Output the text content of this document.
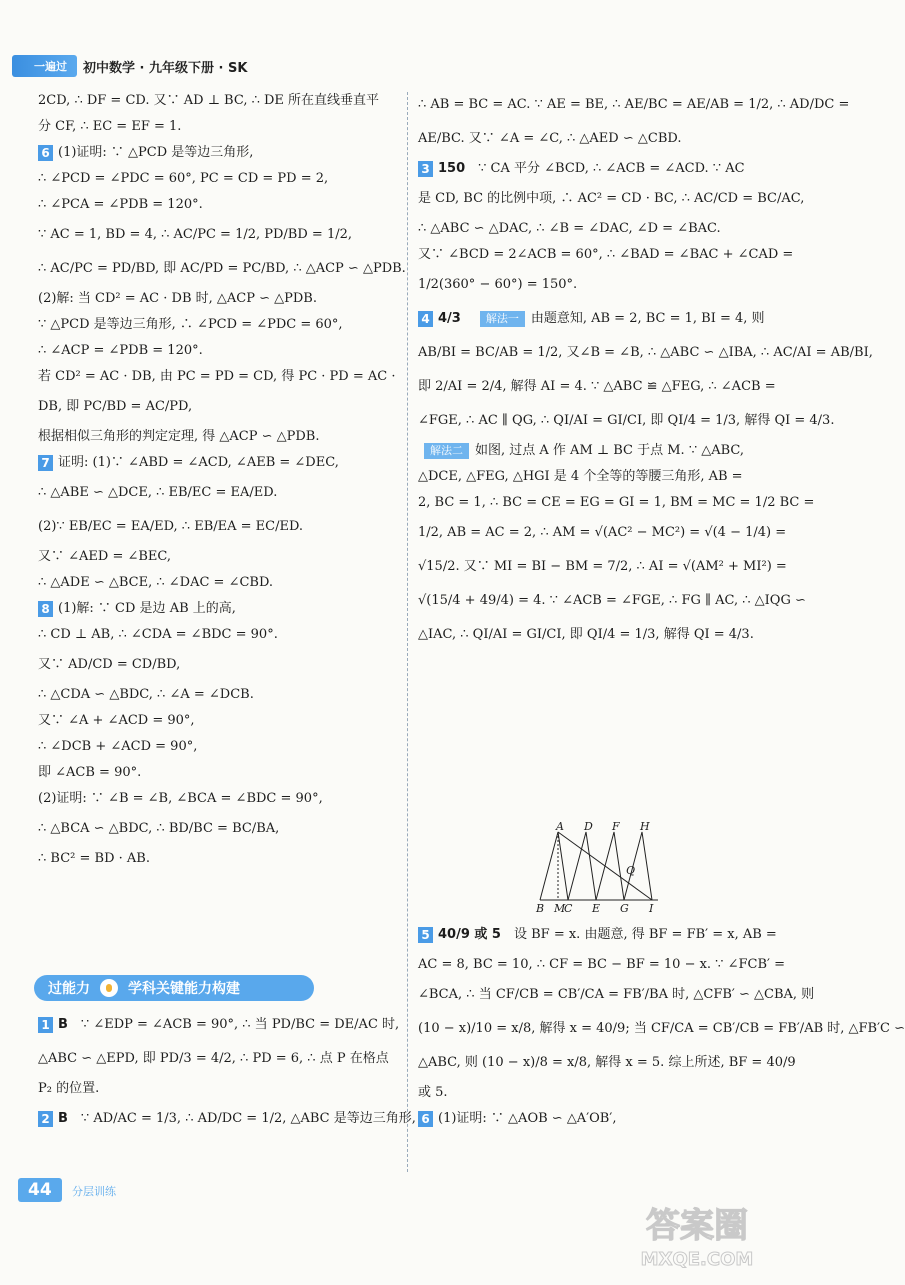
一遍过	初中数学 · 九年级下册 · SK
2CD, ∴ DF = CD. 又∵ AD ⊥ BC, ∴ DE 所在直线垂直平
分 CF, ∴ EC = EF = 1.
6 (1)证明: ∵ △PCD 是等边三角形,
∴ ∠PCD = ∠PDC = 60°, PC = CD = PD = 2,
∴ ∠PCA = ∠PDB = 120°.
∵ AC = 1, BD = 4, ∴ AC/PC = 1/2, PD/BD = 1/2,
∴ AC/PC = PD/BD, 即 AC/PD = PC/BD, ∴ △ACP ∽ △PDB.
(2)解: 当 CD² = AC · DB 时, △ACP ∽ △PDB.
∵ △PCD 是等边三角形, ∴ ∠PCD = ∠PDC = 60°,
∴ ∠ACP = ∠PDB = 120°.
若 CD² = AC · DB, 由 PC = PD = CD, 得 PC · PD = AC ·
DB, 即 PC/BD = AC/PD,
根据相似三角形的判定定理, 得 △ACP ∽ △PDB.
7 证明: (1)∵ ∠ABD = ∠ACD, ∠AEB = ∠DEC,
∴ △ABE ∽ △DCE, ∴ EB/EC = EA/ED.
(2)∵ EB/EC = EA/ED, ∴ EB/EA = EC/ED.
又∵ ∠AED = ∠BEC,
∴ △ADE ∽ △BCE, ∴ ∠DAC = ∠CBD.
8 (1)解: ∵ CD 是边 AB 上的高,
∴ CD ⊥ AB, ∴ ∠CDA = ∠BDC = 90°.
又∵ AD/CD = CD/BD,
∴ △CDA ∽ △BDC, ∴ ∠A = ∠DCB.
又∵ ∠A + ∠ACD = 90°,
∴ ∠DCB + ∠ACD = 90°,
即 ∠ACB = 90°.
(2)证明: ∵ ∠B = ∠B, ∠BCA = ∠BDC = 90°,
∴ △BCA ∽ △BDC, ∴ BD/BC = BC/BA,
∴ BC² = BD · AB.
∴ AB = BC = AC. ∵ AE = BE, ∴ AE/BC = AE/AB = 1/2, ∴ AD/DC =
AE/BC. 又∵ ∠A = ∠C, ∴ △AED ∽ △CBD.
3 150  ∵ CA 平分 ∠BCD, ∴ ∠ACB = ∠ACD. ∵ AC
是 CD, BC 的比例中项, ∴ AC² = CD · BC, ∴ AC/CD = BC/AC,
∴ △ABC ∽ △DAC, ∴ ∠B = ∠DAC, ∠D = ∠BAC.
又∵ ∠BCD = 2∠ACB = 60°, ∴ ∠BAD = ∠BAC + ∠CAD =
1/2(360° − 60°) = 150°.
4 4/3  解法一 由题意知, AB = 2, BC = 1, BI = 4, 则
AB/BI = BC/AB = 1/2, 又∠B = ∠B, ∴ △ABC ∽ △IBA, ∴ AC/AI = AB/BI,
即 2/AI = 2/4, 解得 AI = 4. ∵ △ABC ≌ △FEG, ∴ ∠ACB =
∠FGE, ∴ AC ∥ QG, ∴ QI/AI = GI/CI, 即 QI/4 = 1/3, 解得 QI = 4/3.
解法二 如图, 过点 A 作 AM ⊥ BC 于点 M. ∵ △ABC,
△DCE, △FEG, △HGI 是 4 个全等的等腰三角形, AB =
2, BC = 1, ∴ BC = CE = EG = GI = 1, BM = MC = 1/2 BC =
1/2, AB = AC = 2, ∴ AM = √(AC² − MC²) = √(4 − 1/4) =
√15/2. 又∵ MI = BI − BM = 7/2, ∴ AI = √(AM² + MI²) =
√(15/4 + 49/4) = 4. ∵ ∠ACB = ∠FGE, ∴ FG ∥ AC, ∴ △IQG ∽
△IAC, ∴ QI/AI = GI/CI, 即 QI/4 = 1/3, 解得 QI = 4/3.
过能力	学科关键能力构建
1 B  ∵ ∠EDP = ∠ACB = 90°, ∴ 当 PD/BC = DE/AC 时,
△ABC ∽ △EPD, 即 PD/3 = 4/2, ∴ PD = 6, ∴ 点 P 在格点
P₂ 的位置.
2 B  ∵ AD/AC = 1/3, ∴ AD/DC = 1/2, △ABC 是等边三角形,
5 40/9 或 5  设 BF = x. 由题意, 得 BF = FB′ = x, AB =
AC = 8, BC = 10, ∴ CF = BC − BF = 10 − x. ∵ ∠FCB′ =
∠BCA, ∴ 当 CF/CB = CB′/CA = FB′/BA 时, △CFB′ ∽ △CBA, 则
(10 − x)/10 = x/8, 解得 x = 40/9; 当 CF/CA = CB′/CB = FB′/AB 时, △FB′C ∽
△ABC, 则 (10 − x)/8 = x/8, 解得 x = 5. 综上所述, BF = 40/9
或 5.
6 (1)证明: ∵ △AOB ∽ △A′OB′,
A D F H
B M
C E G I
Q
44	分层训练
答案圈
MXQE.COM
